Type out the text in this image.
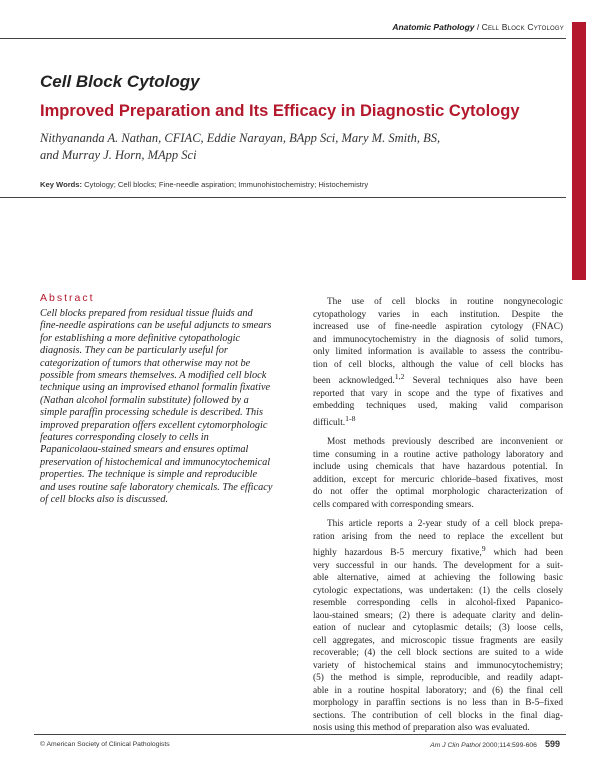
Anatomic Pathology / Cell Block Cytology
Cell Block Cytology
Improved Preparation and Its Efficacy in Diagnostic Cytology
Nithyananda A. Nathan, CFIAC, Eddie Narayan, BApp Sci, Mary M. Smith, BS,
and Murray J. Horn, MApp Sci
Key Words: Cytology; Cell blocks; Fine-needle aspiration; Immunohistochemistry; Histochemistry
Abstract
Cell blocks prepared from residual tissue fluids and
fine-needle aspirations can be useful adjuncts to smears
for establishing a more definitive cytopathologic
diagnosis. They can be particularly useful for
categorization of tumors that otherwise may not be
possible from smears themselves. A modified cell block
technique using an improvised ethanol formalin fixative
(Nathan alcohol formalin substitute) followed by a
simple paraffin processing schedule is described. This
improved preparation offers excellent cytomorphologic
features corresponding closely to cells in
Papanicolaou-stained smears and ensures optimal
preservation of histochemical and immunocytochemical
properties. The technique is simple and reproducible
and uses routine safe laboratory chemicals. The efficacy
of cell blocks also is discussed.
The use of cell blocks in routine nongynecologic
cytopathology varies in each institution. Despite the
increased use of fine-needle aspiration cytology (FNAC)
and immunocytochemistry in the diagnosis of solid tumors,
only limited information is available to assess the contribu-
tion of cell blocks, although the value of cell blocks has
been acknowledged.$^{1,2}$ Several techniques also have been
reported that vary in scope and the type of fixatives and
embedding techniques used, making valid comparison
difficult.$^{1-8}$
Most methods previously described are inconvenient or
time consuming in a routine active pathology laboratory and
include using chemicals that have hazardous potential. In
addition, except for mercuric chloride–based fixatives, most
do not offer the optimal morphologic characterization of
cells compared with corresponding smears.
This article reports a 2-year study of a cell block prepa-
ration arising from the need to replace the excellent but
highly hazardous B-5 mercury fixative,$^9$ which had been
very successful in our hands. The development for a suit-
able alternative, aimed at achieving the following basic
cytologic expectations, was undertaken: (1) the cells closely
resemble corresponding cells in alcohol-fixed Papanico-
laou-stained smears; (2) there is adequate clarity and delin-
eation of nuclear and cytoplasmic details; (3) loose cells,
cell aggregates, and microscopic tissue fragments are easily
recoverable; (4) the cell block sections are suited to a wide
variety of histochemical stains and immunocytochemistry;
(5) the method is simple, reproducible, and readily adapt-
able in a routine hospital laboratory; and (6) the final cell
morphology in paraffin sections is no less than in B-5–fixed
sections. The contribution of cell blocks in the final diag-
nosis using this method of preparation also was evaluated.
© American Society of Clinical Pathologists	Am J Clin Pathol 2000;114:599-606 599
